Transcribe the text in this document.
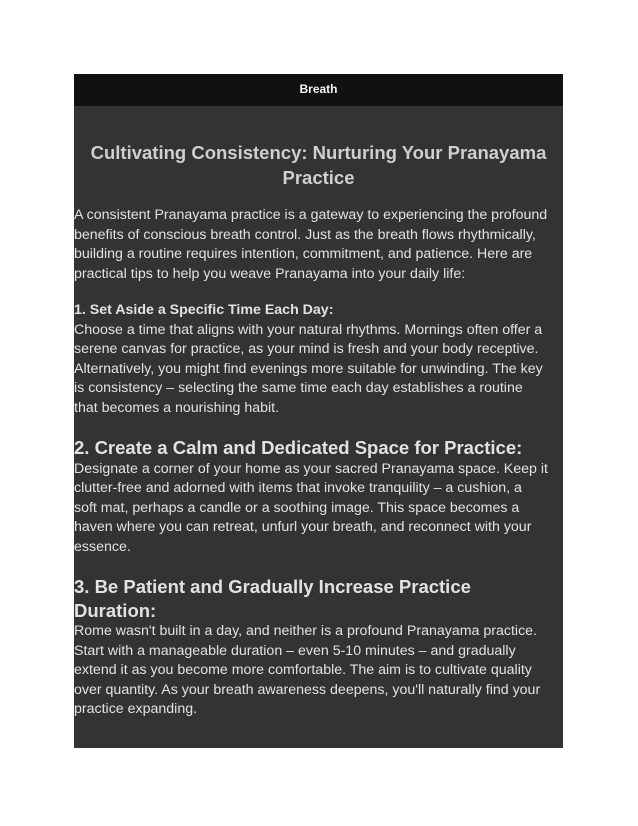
Breath
Cultivating Consistency: Nurturing Your Pranayama Practice

A consistent Pranayama practice is a gateway to experiencing the profound
benefits of conscious breath control. Just as the breath flows rhythmically,
building a routine requires intention, commitment, and patience. Here are
practical tips to help you weave Pranayama into your daily life:

1. Set Aside a Specific Time Each Day:

Choose a time that aligns with your natural rhythms. Mornings often offer a
serene canvas for practice, as your mind is fresh and your body receptive.
Alternatively, you might find evenings more suitable for unwinding. The key
is consistency – selecting the same time each day establishes a routine
that becomes a nourishing habit.

2. Create a Calm and Dedicated Space for Practice:

Designate a corner of your home as your sacred Pranayama space. Keep it
clutter-free and adorned with items that invoke tranquility – a cushion, a
soft mat, perhaps a candle or a soothing image. This space becomes a
haven where you can retreat, unfurl your breath, and reconnect with your
essence.

3. Be Patient and Gradually Increase Practice
Duration:

Rome wasn't built in a day, and neither is a profound Pranayama practice.
Start with a manageable duration – even 5-10 minutes – and gradually
extend it as you become more comfortable. The aim is to cultivate quality
over quantity. As your breath awareness deepens, you'll naturally find your
practice expanding.
